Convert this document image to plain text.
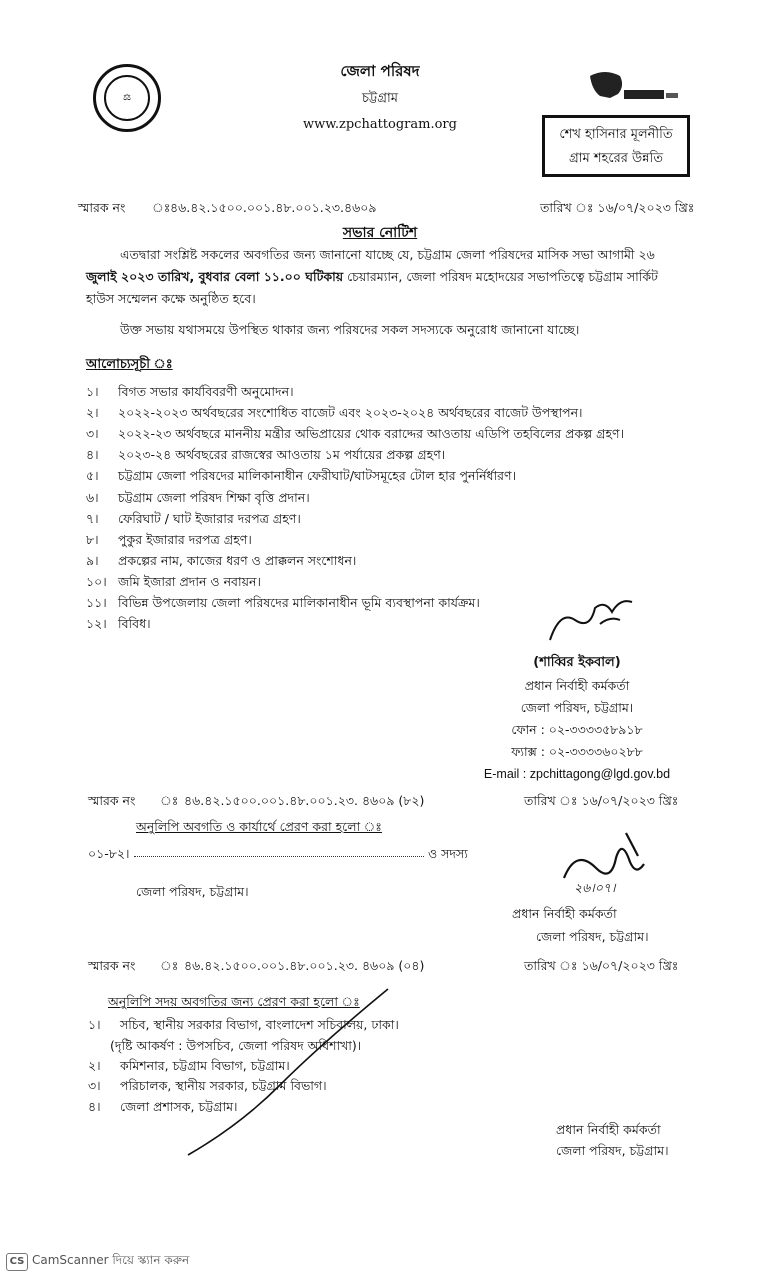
⚖
জেলা পরিষদ
চট্টগ্রাম
www.zpchattogram.org
শেখ হাসিনার মূলনীতি
গ্রাম শহরের উন্নতি
স্মারক নং ঃ ৪৬.৪২.১৫০০.০০১.৪৮.০০১.২৩.৪৬০৯	তারিখ ঃ ১৬/০৭/২০২৩ খ্রিঃ
সভার নোটিশ
এতদ্বারা সংশ্লিষ্ট সকলের অবগতির জন্য জানানো যাচ্ছে যে, চট্টগ্রাম জেলা পরিষদের মাসিক সভা আগামী ২৬
জুলাই ২০২৩ তারিখ, বুধবার বেলা ১১.০০ ঘটিকায় চেয়ারম্যান, জেলা পরিষদ মহোদয়ের সভাপতিত্বে চট্টগ্রাম সার্কিট
হাউস সম্মেলন কক্ষে অনুষ্ঠিত হবে।
উক্ত সভায় যথাসময়ে উপস্থিত থাকার জন্য পরিষদের সকল সদস্যকে অনুরোধ জানানো যাচ্ছে।
আলোচ্যসূচী ঃ
১।	বিগত সভার কার্যবিবরণী অনুমোদন।
২।	২০২২-২০২৩ অর্থবছরের সংশোধিত বাজেট এবং ২০২৩-২০২৪ অর্থবছরের বাজেট উপস্থাপন।
৩।	২০২২-২৩ অর্থবছরে মাননীয় মন্ত্রীর অভিপ্রায়ের থোক বরাদ্দের আওতায় এডিপি তহবিলের প্রকল্প গ্রহণ।
৪।	২০২৩-২৪ অর্থবছরের রাজস্বের আওতায় ১ম পর্যায়ের প্রকল্প গ্রহণ।
৫।	চট্টগ্রাম জেলা পরিষদের মালিকানাধীন ফেরীঘাট/ঘাটসমূহের টোল হার পুনর্নির্ধারণ।
৬।	চট্টগ্রাম জেলা পরিষদ শিক্ষা বৃত্তি প্রদান।
৭।	ফেরিঘাট / ঘাট ইজারার দরপত্র গ্রহণ।
৮।	পুকুর ইজারার দরপত্র গ্রহণ।
৯।	প্রকল্পের নাম, কাজের ধরণ ও প্রাক্কলন সংশোধন।
১০। জমি ইজারা প্রদান ও নবায়ন।
১১। বিভিন্ন উপজেলায় জেলা পরিষদের মালিকানাধীন ভূমি ব্যবস্থাপনা কার্যক্রম।
১২। বিবিধ।
(শাব্বির ইকবাল)
প্রধান নির্বাহী কর্মকর্তা
জেলা পরিষদ, চট্টগ্রাম।
ফোন : ০২-৩৩৩৩৫৮৯১৮
ফ্যাক্স : ০২-৩৩৩৩৬০২৮৮
E-mail : zpchittagong@lgd.gov.bd
স্মারক নং ঃ ৪৬.৪২.১৫০০.০০১.৪৮.০০১.২৩. ৪৬০৯ (৮২)	তারিখ ঃ ১৬/০৭/২০২৩ খ্রিঃ
অনুলিপি অবগতি ও কার্যার্থে প্রেরণ করা হলো ঃ
০১-৮২।	ও সদস্য
জেলা পরিষদ, চট্টগ্রাম।	২৬।০৭।
প্রধান নির্বাহী কর্মকর্তা
জেলা পরিষদ, চট্টগ্রাম।
স্মারক নং ঃ ৪৬.৪২.১৫০০.০০১.৪৮.০০১.২৩. ৪৬০৯ (০৪)	তারিখ ঃ ১৬/০৭/২০২৩ খ্রিঃ
অনুলিপি সদয় অবগতির জন্য প্রেরণ করা হলো ঃ
১। সচিব, স্থানীয় সরকার বিভাগ, বাংলাদেশ সচিবালয়, ঢাকা।
(দৃষ্টি আকর্ষণ : উপসচিব, জেলা পরিষদ অধিশাখা)।
২। কমিশনার, চট্টগ্রাম বিভাগ, চট্টগ্রাম।
৩। পরিচালক, স্থানীয় সরকার, চট্টগ্রাম বিভাগ।
৪। জেলা প্রশাসক, চট্টগ্রাম।
প্রধান নির্বাহী কর্মকর্তা
জেলা পরিষদ, চট্টগ্রাম।
CS CamScanner দিয়ে স্ক্যান করুন
